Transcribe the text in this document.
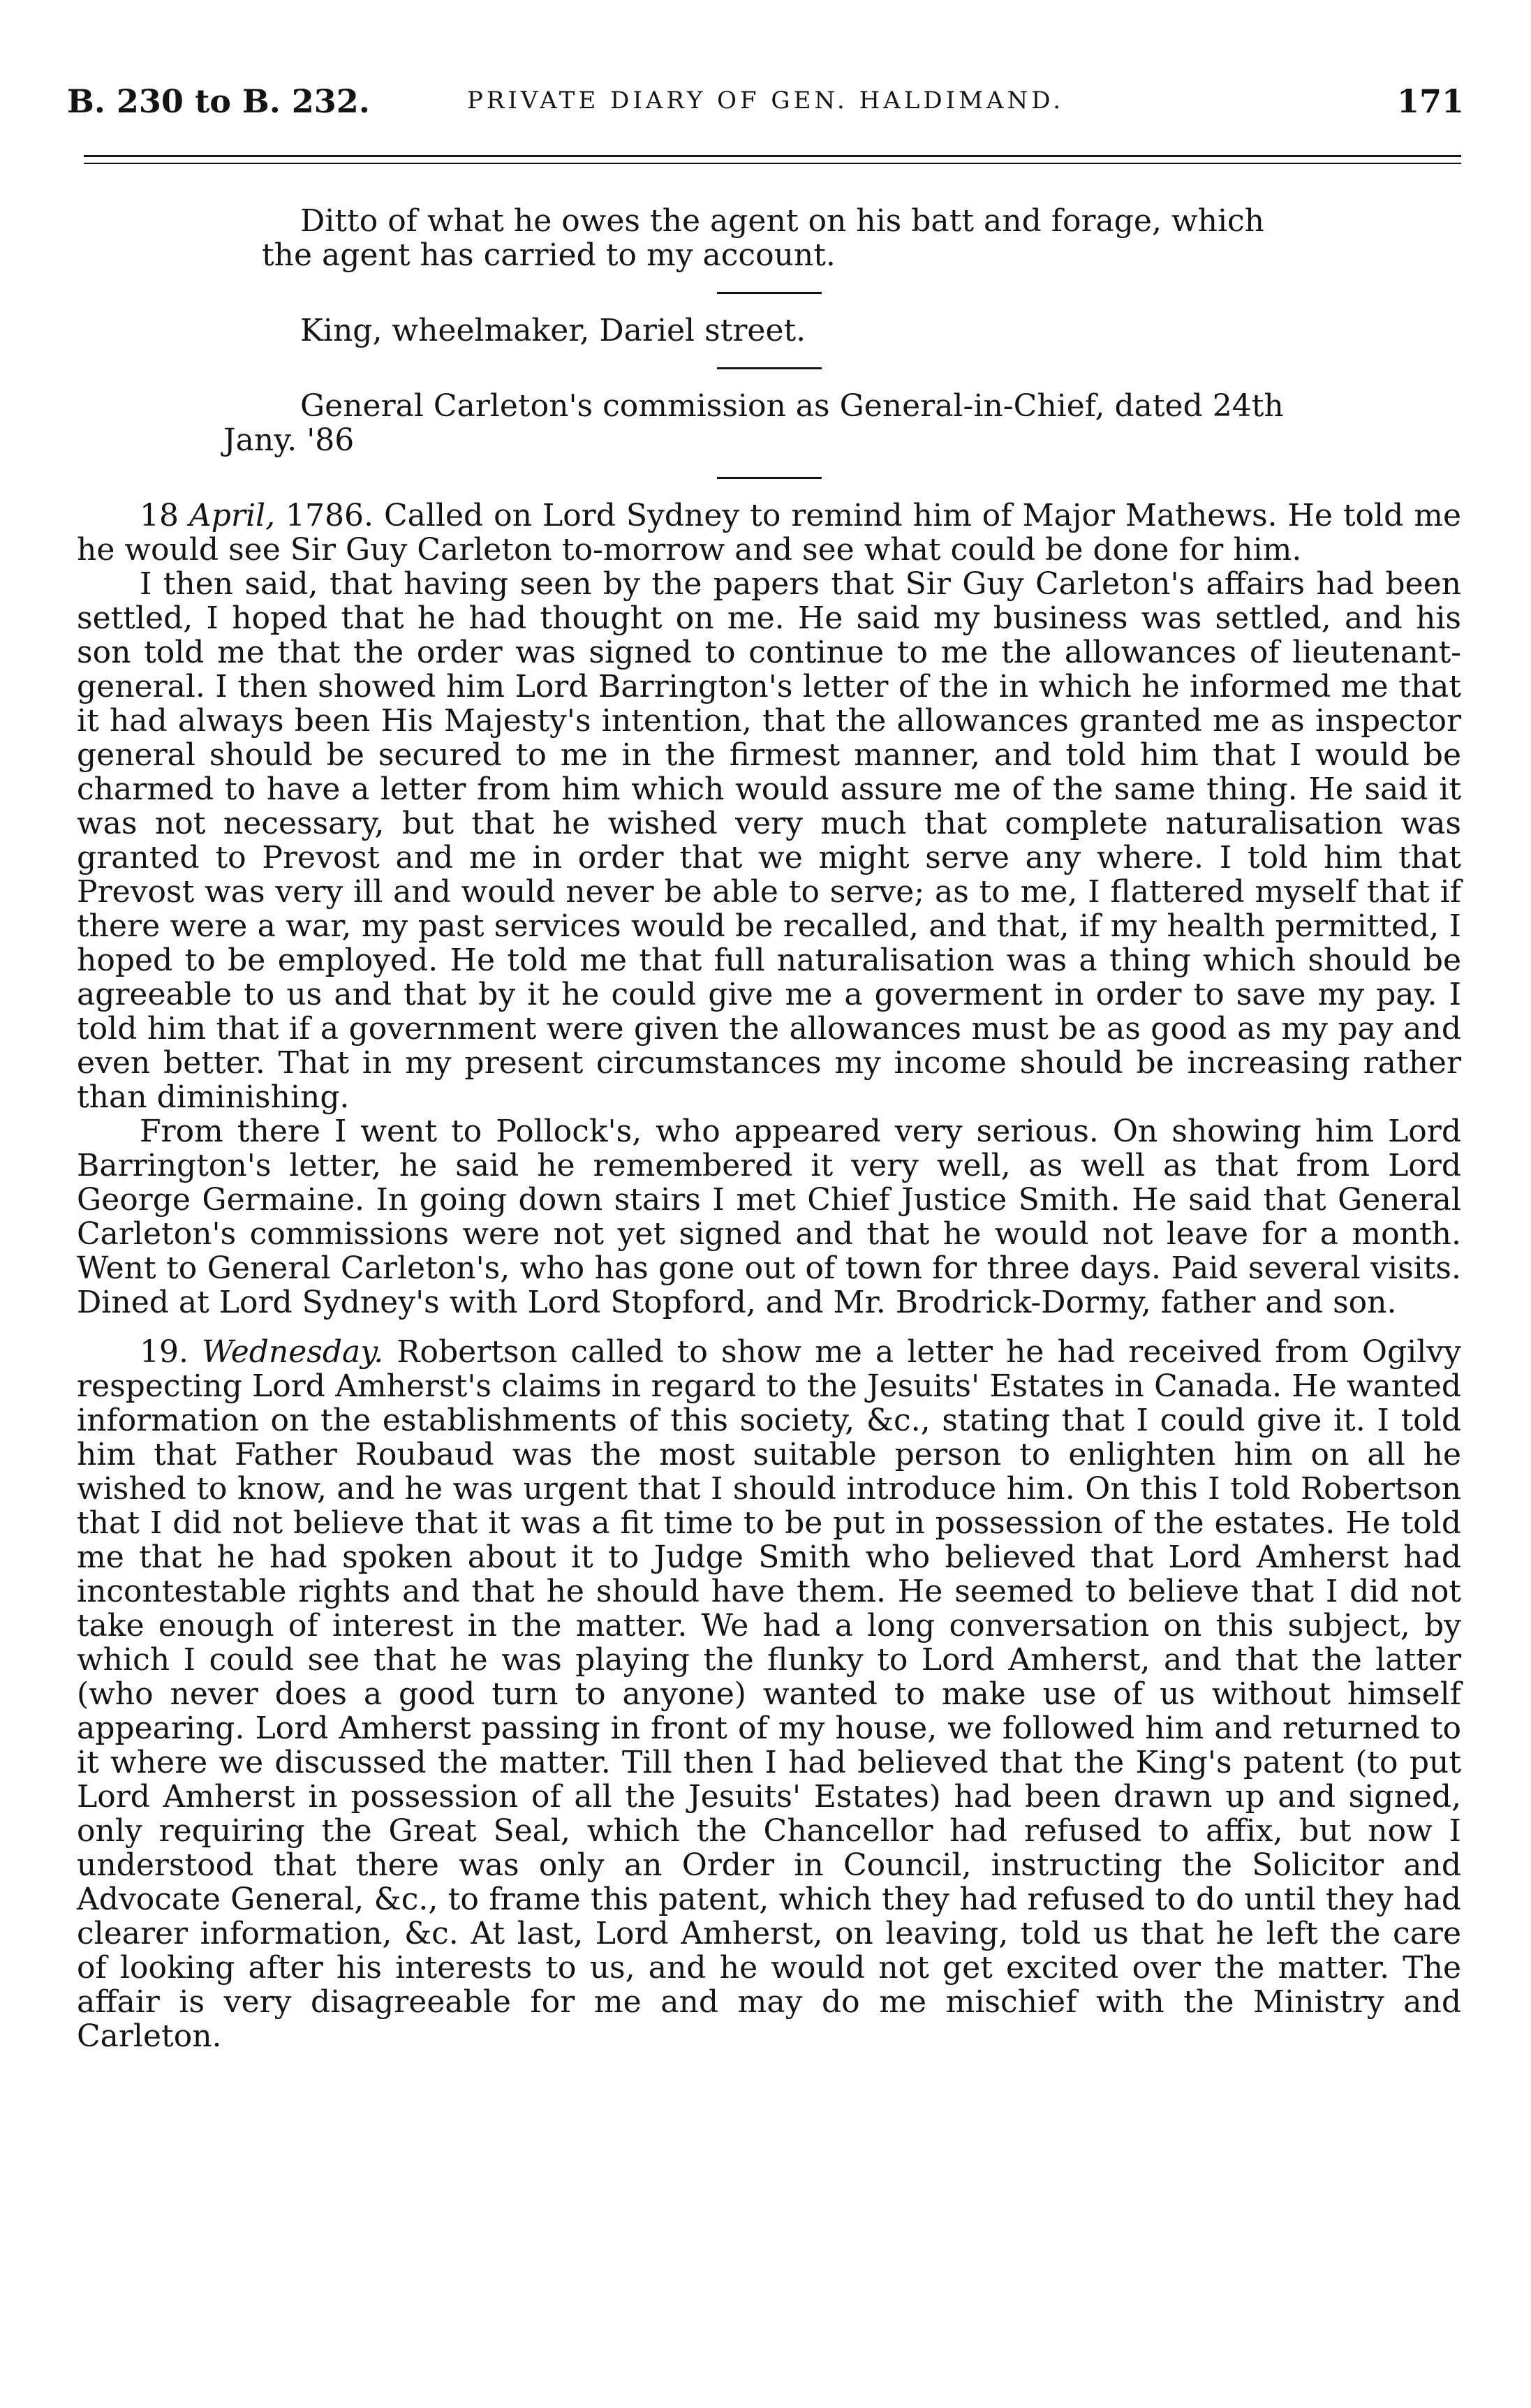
B. 230 to B. 232.	PRIVATE DIARY OF GEN. HALDIMAND.	171
Ditto of what he owes the agent on his batt and forage, which
the agent has carried to my account.
King, wheelmaker, Dariel street.
General Carleton's commission as General-in-Chief, dated 24th
Jany. '86

18 April, 1786. Called on Lord Sydney to remind him of Major Mathews. He told me he would see Sir Guy Carleton to-morrow and see what could be done for him.

I then said, that having seen by the papers that Sir Guy Carleton's affairs had been settled, I hoped that he had thought on me. He said my business was settled, and his son told me that the order was signed to continue to me the allowances of lieutenant-general. I then showed him Lord Barrington's letter of the in which he informed me that it had always been His Majesty's intention, that the allowances granted me as inspector general should be secured to me in the firmest manner, and told him that I would be charmed to have a letter from him which would assure me of the same thing. He said it was not necessary, but that he wished very much that complete naturalisation was granted to Prevost and me in order that we might serve any where. I told him that Prevost was very ill and would never be able to serve; as to me, I flattered myself that if there were a war, my past services would be recalled, and that, if my health permitted, I hoped to be employed. He told me that full naturalisation was a thing which should be agreeable to us and that by it he could give me a goverment in order to save my pay. I told him that if a government were given the allowances must be as good as my pay and even better. That in my present circumstances my income should be increasing rather than diminishing.

From there I went to Pollock's, who appeared very serious. On showing him Lord Barrington's letter, he said he remembered it very well, as well as that from Lord George Germaine. In going down stairs I met Chief Justice Smith. He said that General Carleton's commissions were not yet signed and that he would not leave for a month. Went to General Carleton's, who has gone out of town for three days. Paid several visits. Dined at Lord Sydney's with Lord Stopford, and Mr. Brodrick-Dormy, father and son.

19. Wednesday. Robertson called to show me a letter he had received from Ogilvy respecting Lord Amherst's claims in regard to the Jesuits' Estates in Canada. He wanted information on the establishments of this society, &c., stating that I could give it. I told him that Father Roubaud was the most suitable person to enlighten him on all he wished to know, and he was urgent that I should introduce him. On this I told Robertson that I did not believe that it was a fit time to be put in possession of the estates. He told me that he had spoken about it to Judge Smith who believed that Lord Amherst had incontestable rights and that he should have them. He seemed to believe that I did not take enough of interest in the matter. We had a long conversation on this subject, by which I could see that he was playing the flunky to Lord Amherst, and that the latter (who never does a good turn to anyone) wanted to make use of us without himself appearing. Lord Amherst passing in front of my house, we followed him and returned to it where we discussed the matter. Till then I had believed that the King's patent (to put Lord Amherst in possession of all the Jesuits' Estates) had been drawn up and signed, only requiring the Great Seal, which the Chancellor had refused to affix, but now I understood that there was only an Order in Council, instructing the Solicitor and Advocate General, &c., to frame this patent, which they had refused to do until they had clearer information, &c. At last, Lord Amherst, on leaving, told us that he left the care of looking after his interests to us, and he would not get excited over the matter. The affair is very disagreeable for me and may do me mischief with the Ministry and Carleton.
